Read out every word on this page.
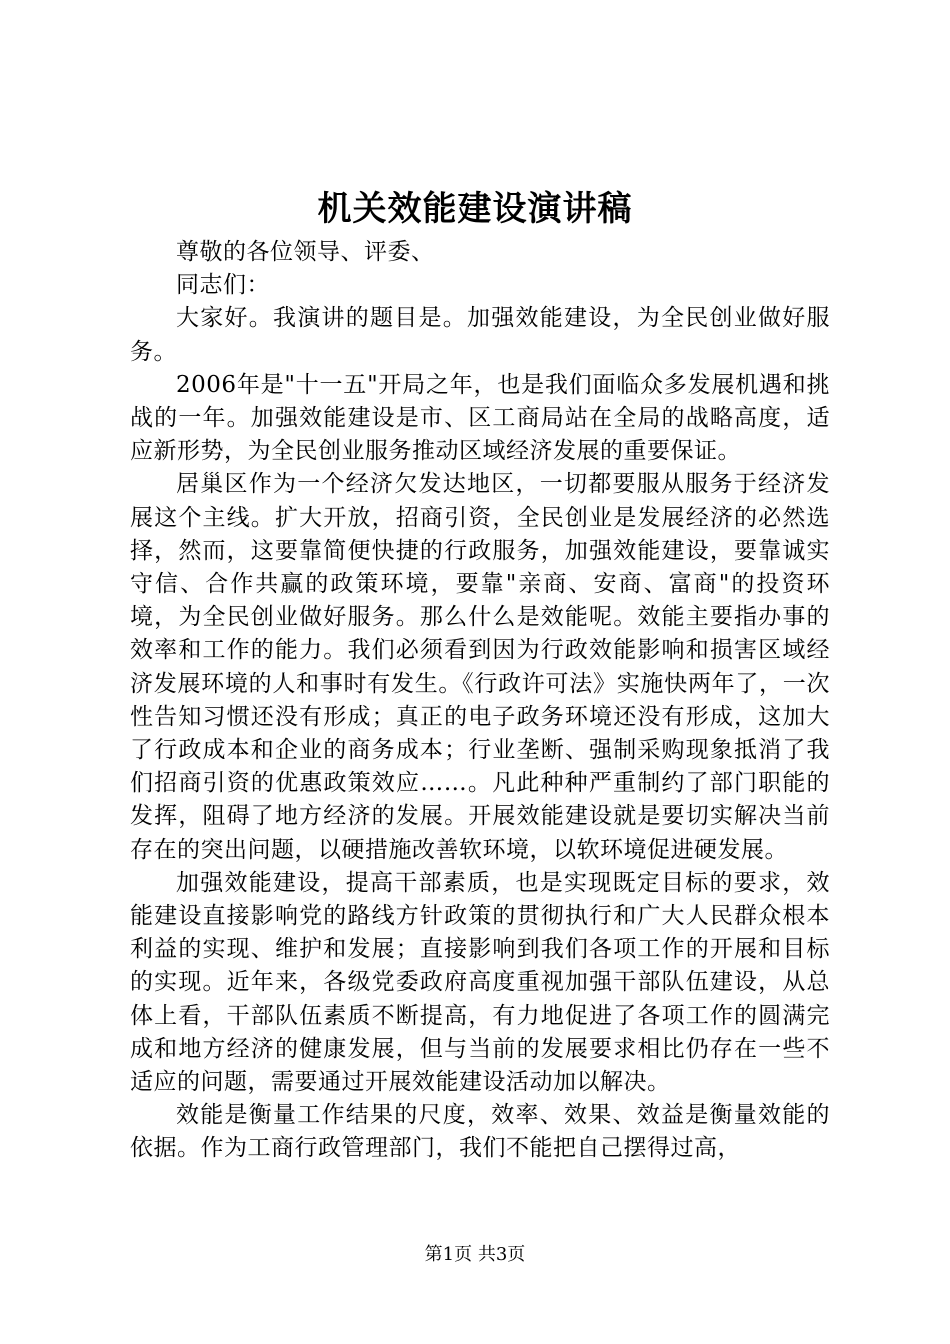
机关效能建设演讲稿

尊敬的各位领导、评委、

同志们：

大家好。我演讲的题目是。加强效能建设，为全民创业做好服务。

2006年是"十一五"开局之年，也是我们面临众多发展机遇和挑战的一年。加强效能建设是市、区工商局站在全局的战略高度，适应新形势，为全民创业服务推动区域经济发展的重要保证。

居巢区作为一个经济欠发达地区，一切都要服从服务于经济发展这个主线。扩大开放，招商引资，全民创业是发展经济的必然选择，然而，这要靠简便快捷的行政服务，加强效能建设，要靠诚实守信、合作共赢的政策环境，要靠"亲商、安商、富商"的投资环境，为全民创业做好服务。那么什么是效能呢。效能主要指办事的效率和工作的能力。我们必须看到因为行政效能影响和损害区域经济发展环境的人和事时有发生。《行政许可法》实施快两年了，一次性告知习惯还没有形成；真正的电子政务环境还没有形成，这加大了行政成本和企业的商务成本；行业垄断、强制采购现象抵消了我们招商引资的优惠政策效应……。凡此种种严重制约了部门职能的发挥，阻碍了地方经济的发展。开展效能建设就是要切实解决当前存在的突出问题，以硬措施改善软环境，以软环境促进硬发展。

加强效能建设，提高干部素质，也是实现既定目标的要求，效能建设直接影响党的路线方针政策的贯彻执行和广大人民群众根本利益的实现、维护和发展；直接影响到我们各项工作的开展和目标的实现。近年来，各级党委政府高度重视加强干部队伍建设，从总体上看，干部队伍素质不断提高，有力地促进了各项工作的圆满完成和地方经济的健康发展，但与当前的发展要求相比仍存在一些不适应的问题，需要通过开展效能建设活动加以解决。

效能是衡量工作结果的尺度，效率、效果、效益是衡量效能的依据。作为工商行政管理部门，我们不能把自己摆得过高，

第1页 共3页
